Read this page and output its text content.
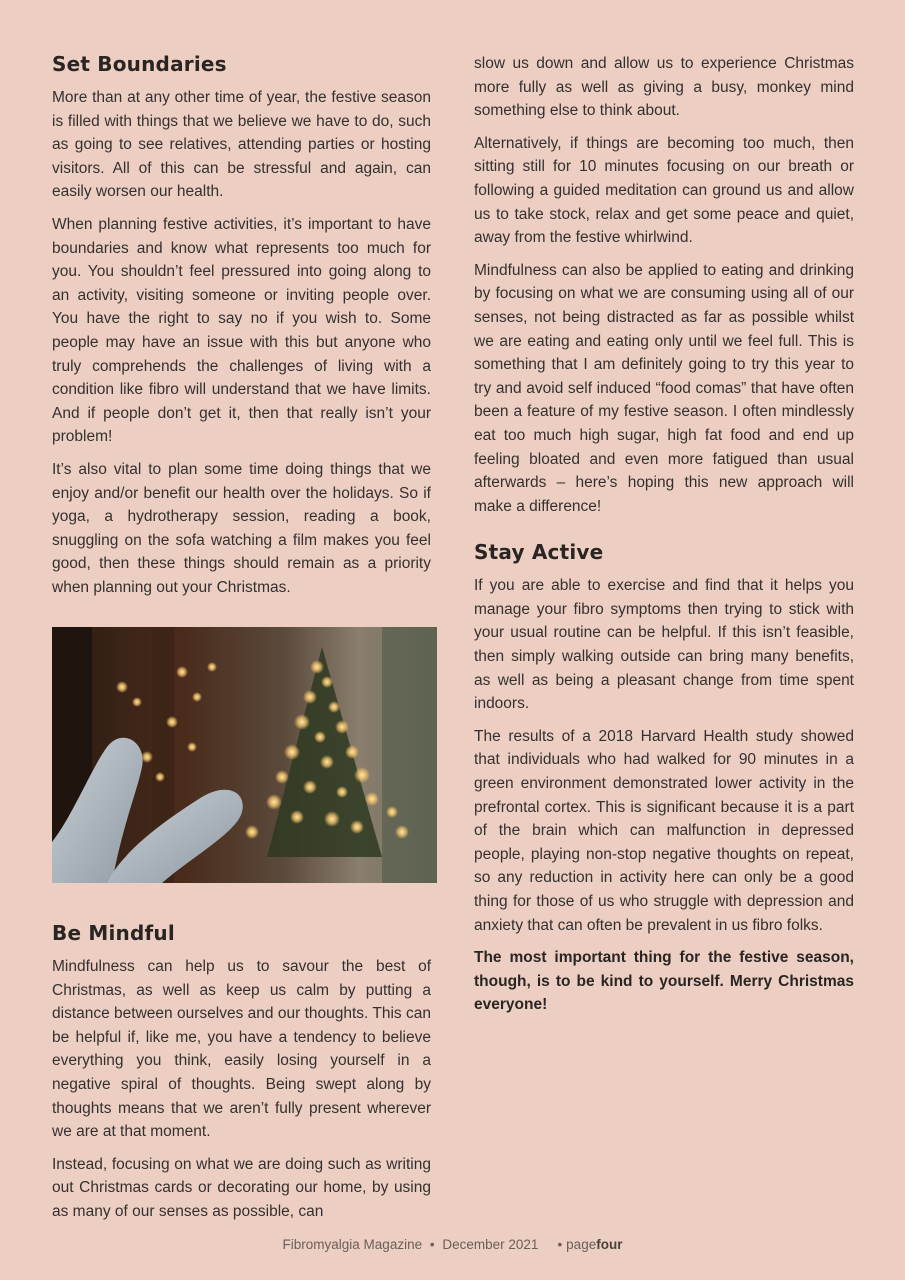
Set Boundaries

More than at any other time of year, the festive season is filled with things that we believe we have to do, such as going to see relatives, attending parties or hosting visitors. All of this can be stressful and again, can easily worsen our health.

When planning festive activities, it’s important to have boundaries and know what represents too much for you. You shouldn’t feel pressured into going along to an activity, visiting someone or inviting people over. You have the right to say no if you wish to. Some people may have an issue with this but anyone who truly comprehends the challenges of living with a condition like fibro will understand that we have limits. And if people don’t get it, then that really isn’t your problem!

It’s also vital to plan some time doing things that we enjoy and/or benefit our health over the holidays. So if yoga, a hydrotherapy session, reading a book, snuggling on the sofa watching a film makes you feel good, then these things should remain as a priority when planning out your Christmas.

Be Mindful

Mindfulness can help us to savour the best of Christmas, as well as keep us calm by putting a distance between ourselves and our thoughts. This can be helpful if, like me, you have a tendency to believe everything you think, easily losing yourself in a negative spiral of thoughts. Being swept along by thoughts means that we aren’t fully present wherever we are at that moment.

Instead, focusing on what we are doing such as writing out Christmas cards or decorating our home, by using as many of our senses as possible, can

slow us down and allow us to experience Christmas more fully as well as giving a busy, monkey mind something else to think about.

Alternatively, if things are becoming too much, then sitting still for 10 minutes focusing on our breath or following a guided meditation can ground us and allow us to take stock, relax and get some peace and quiet, away from the festive whirlwind.

Mindfulness can also be applied to eating and drinking by focusing on what we are consuming using all of our senses, not being distracted as far as possible whilst we are eating and eating only until we feel full. This is something that I am definitely going to try this year to try and avoid self induced “food comas” that have often been a feature of my festive season. I often mindlessly eat too much high sugar, high fat food and end up feeling bloated and even more fatigued than usual afterwards – here’s hoping this new approach will make a difference!

Stay Active

If you are able to exercise and find that it helps you manage your fibro symptoms then trying to stick with your usual routine can be helpful. If this isn’t feasible, then simply walking outside can bring many benefits, as well as being a pleasant change from time spent indoors.

The results of a 2018 Harvard Health study showed that individuals who had walked for 90 minutes in a green environment demonstrated lower activity in the prefrontal cortex. This is significant because it is a part of the brain which can malfunction in depressed people, playing non-stop negative thoughts on repeat, so any reduction in activity here can only be a good thing for those of us who struggle with depression and anxiety that can often be prevalent in us fibro folks.

The most important thing for the festive season, though, is to be kind to yourself. Merry Christmas everyone!

Fibromyalgia Magazine • December 2021 • pagefour
